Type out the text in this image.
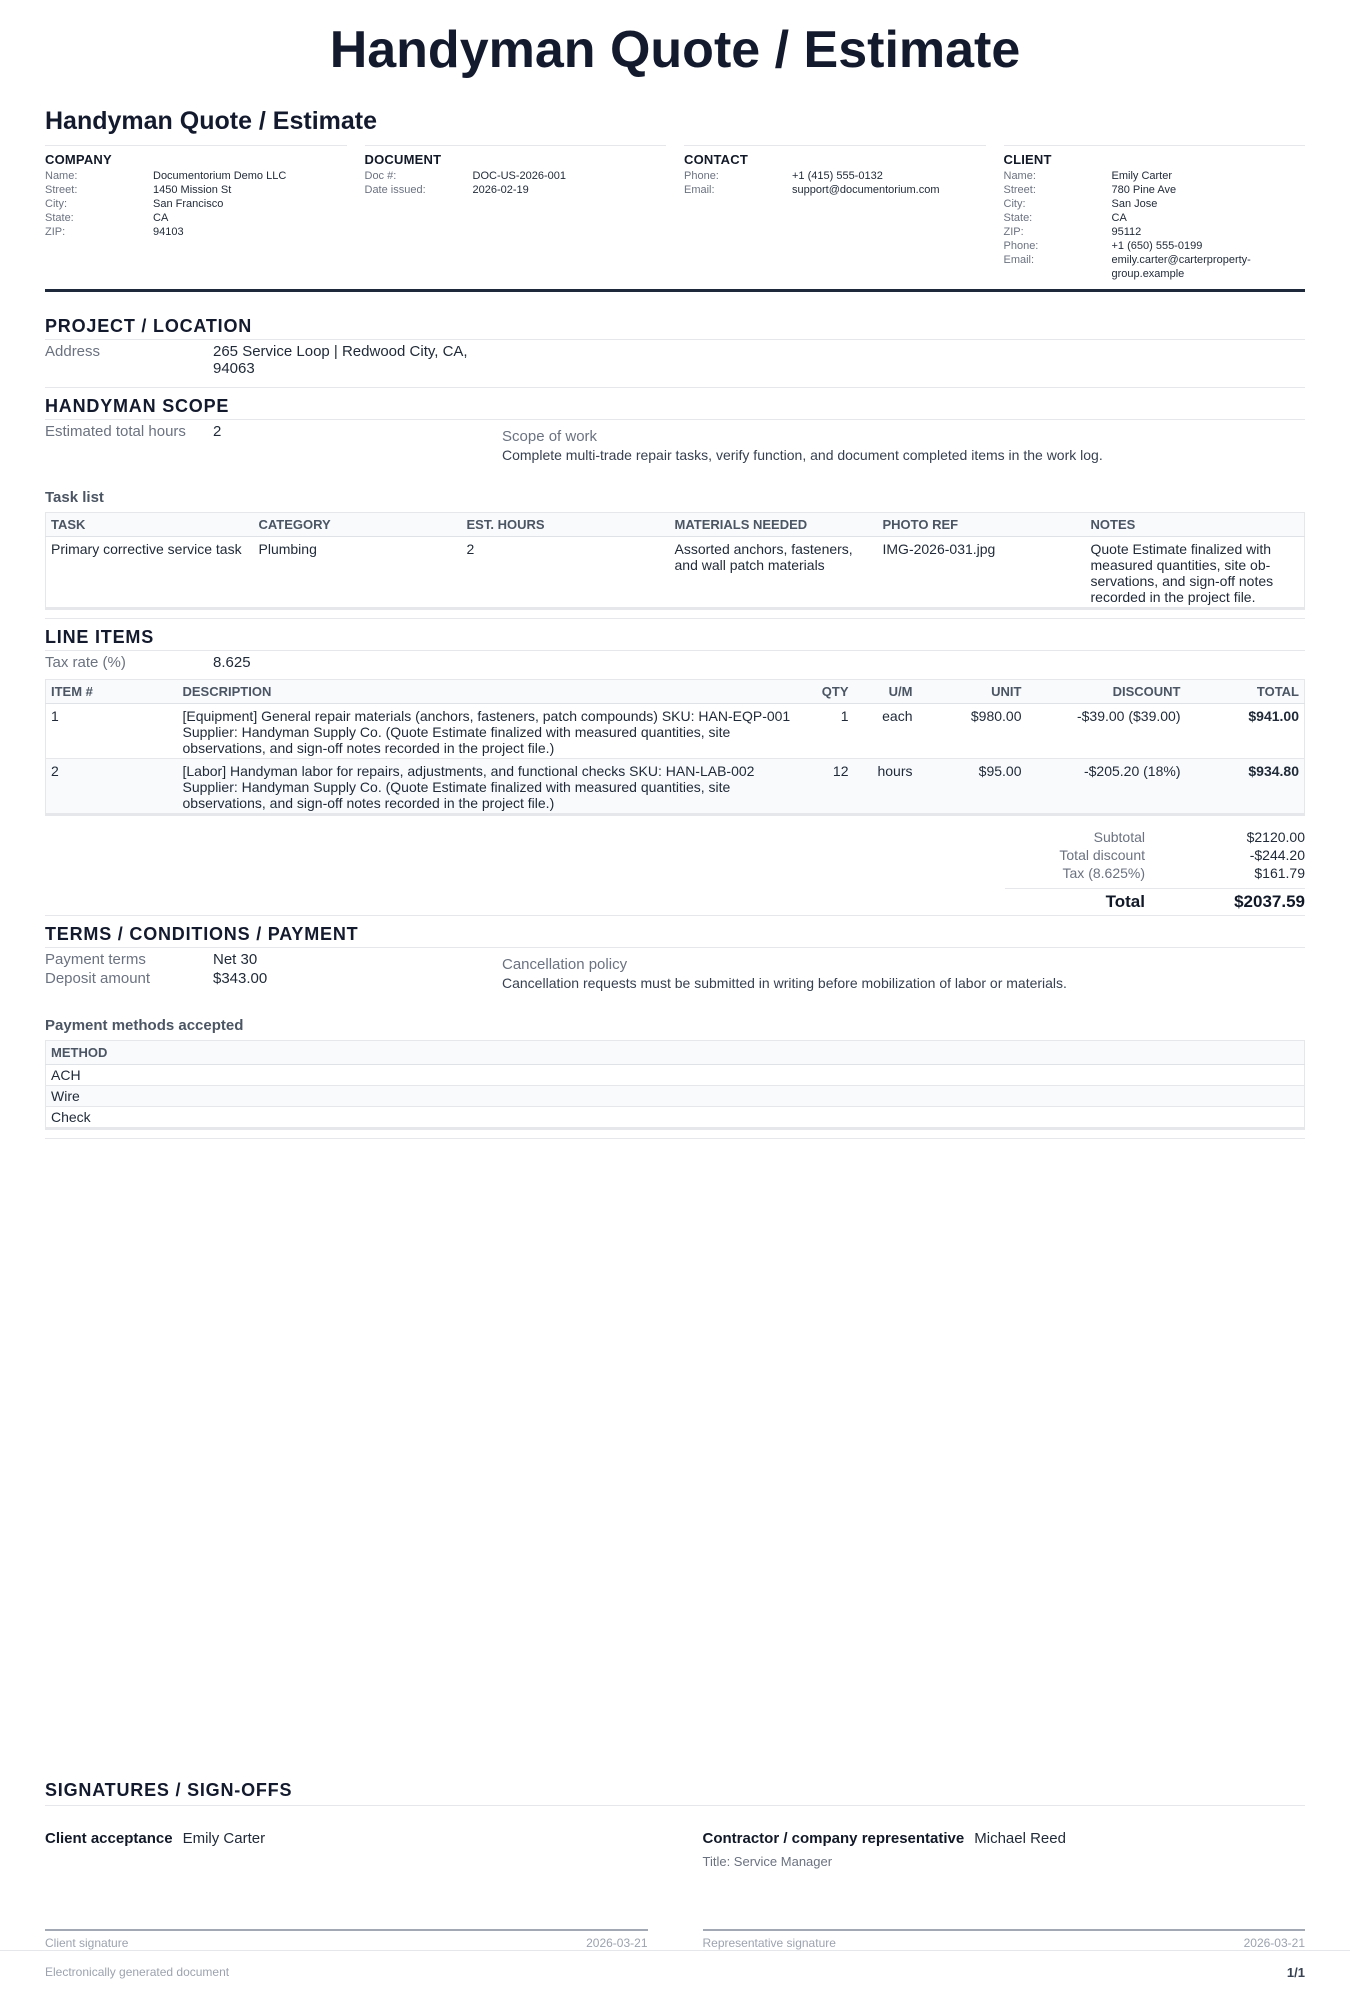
Handyman Quote / Estimate
Handyman Quote / Estimate
COMPANY
Name:	Documentorium Demo LLC
Street:	1450 Mission St
City:	San Francisco
State:	CA
ZIP:	94103
DOCUMENT
Doc #:	DOC-US-2026-001
Date issued:	2026-02-19
CONTACT
Phone:	+1 (415) 555-0132
Email:	support@documentorium.com
CLIENT
Name:	Emily Carter
Street:	780 Pine Ave
City:	San Jose
State:	CA
ZIP:	95112
Phone:	+1 (650) 555-0199
Email:	emily.carter@carterproperty-group.example
PROJECT / LOCATION
Address	265 Service Loop | Redwood City, CA,
94063
HANDYMAN SCOPE
Estimated total hours	2	Scope of work
Complete multi-trade repair tasks, verify function, and document completed items in the work log.
Task list
TASK	CATEGORY	EST. HOURS	MATERIALS NEEDED	PHOTO REF	NOTES
Primary corrective service task	Plumbing	2	Assorted anchors, fasteners, and wall patch materials	IMG-2026-031.jpg	Quote Estimate finalized with measured quantities, site ob-servations, and sign-off notes recorded in the project file.
LINE ITEMS
Tax rate (%)	8.625
ITEM #	DESCRIPTION	QTY	U/M	UNIT	DISCOUNT	TOTAL
1	[Equipment] General repair materials (anchors, fasteners, patch compounds) SKU: HAN-EQP-001 Supplier: Handyman Supply Co. (Quote Estimate finalized with measured quantities, site observations, and sign-off notes recorded in the project file.)	1	each	$980.00	-$39.00 ($39.00)	$941.00
2	[Labor] Handyman labor for repairs, adjustments, and functional checks SKU: HAN-LAB-002 Supplier: Handyman Supply Co. (Quote Estimate finalized with measured quantities, site observations, and sign-off notes recorded in the project file.)	12	hours	$95.00	-$205.20 (18%)	$934.80
Subtotal	$2120.00
Total discount	-$244.20
Tax (8.625%)	$161.79
Total	$2037.59
TERMS / CONDITIONS / PAYMENT
Payment terms	Net 30
Deposit amount	$343.00
Cancellation policy
Cancellation requests must be submitted in writing before mobilization of labor or materials.
Payment methods accepted
METHOD
ACH
Wire
Check
SIGNATURES / SIGN-OFFS
Client acceptance Emily Carter	Contractor / company representative Michael Reed
Title: Service Manager
Client signature	2026-03-21	Representative signature	2026-03-21
Electronically generated document	1/1
